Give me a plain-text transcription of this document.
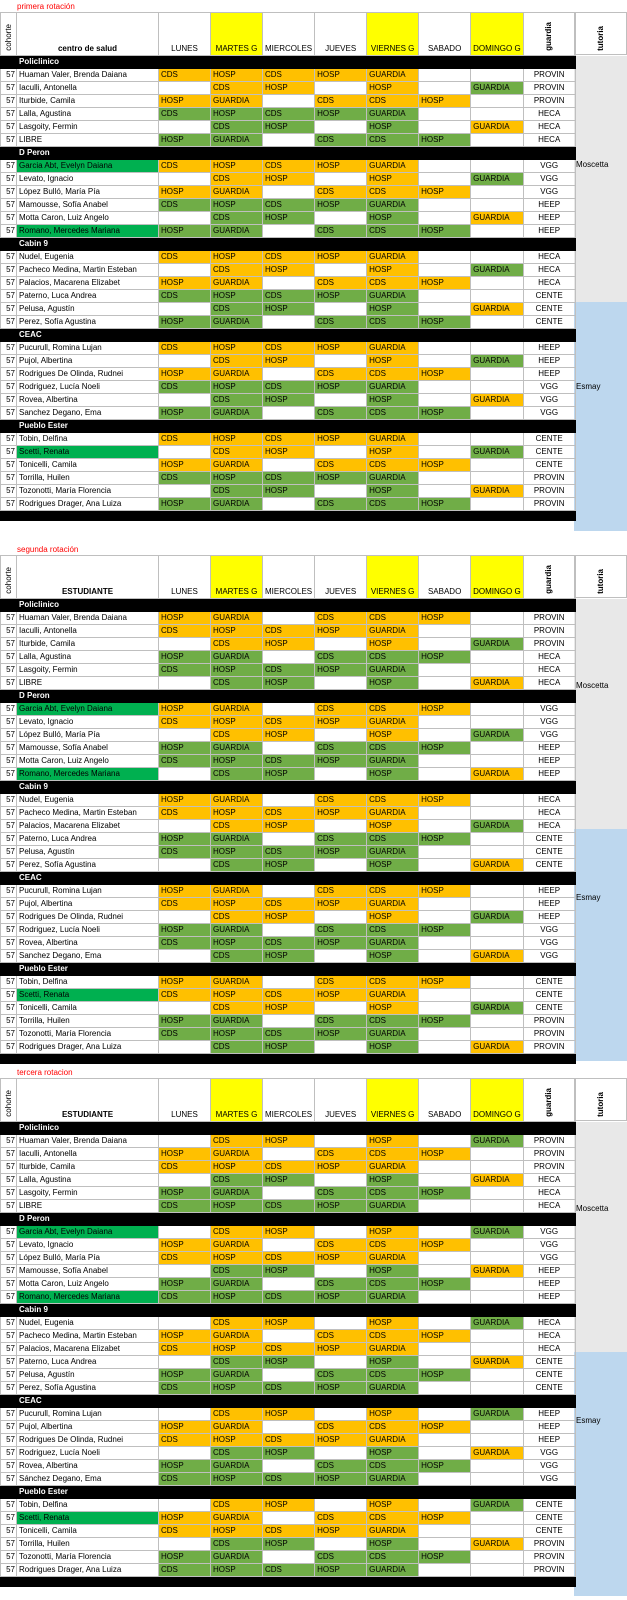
primera rotación
cohorte	centro de salud	LUNES	MARTES G	MIERCOLES	JUEVES	VIERNES G	SABADO	DOMINGO G	guardia
	Policlinico								
57	Huaman Valer, Brenda Daiana	CDS	HOSP	CDS	HOSP	GUARDIA			PROVIN
57	Iaculli, Antonella		CDS	HOSP		HOSP		GUARDIA	PROVIN
57	Iturbide, Camila	HOSP	GUARDIA		CDS	CDS	HOSP		PROVIN
57	Lalla, Agustina	CDS	HOSP	CDS	HOSP	GUARDIA			HECA
57	Lasgoity, Fermin		CDS	HOSP		HOSP		GUARDIA	HECA
57	LIBRE	HOSP	GUARDIA		CDS	CDS	HOSP		HECA
	D Peron								
57	Garcia Abt, Evelyn Daiana	CDS	HOSP	CDS	HOSP	GUARDIA			VGG
57	Levato, Ignacio		CDS	HOSP		HOSP		GUARDIA	VGG
57	López Bulló, María Pía	HOSP	GUARDIA		CDS	CDS	HOSP		VGG
57	Mamousse, Sofía Anabel	CDS	HOSP	CDS	HOSP	GUARDIA			HEEP
57	Motta Caron, Luiz Angelo		CDS	HOSP		HOSP		GUARDIA	HEEP
57	Romano, Mercedes Mariana	HOSP	GUARDIA		CDS	CDS	HOSP		HEEP
	Cabin 9								
57	Nudel, Eugenia	CDS	HOSP	CDS	HOSP	GUARDIA			HECA
57	Pacheco Medina, Martin Esteban		CDS	HOSP		HOSP		GUARDIA	HECA
57	Palacios, Macarena Elizabet	HOSP	GUARDIA		CDS	CDS	HOSP		HECA
57	Paterno, Luca Andrea	CDS	HOSP	CDS	HOSP	GUARDIA			CENTE
57	Pelusa, Agustín		CDS	HOSP		HOSP		GUARDIA	CENTE
57	Perez, Sofía Agustina	HOSP	GUARDIA		CDS	CDS	HOSP		CENTE
	CEAC								
57	Pucurull, Romina Lujan	CDS	HOSP	CDS	HOSP	GUARDIA			HEEP
57	Pujol, Albertina		CDS	HOSP		HOSP		GUARDIA	HEEP
57	Rodrigues De Olinda, Rudnei	HOSP	GUARDIA		CDS	CDS	HOSP		HEEP
57	Rodriguez, Lucía Noeli	CDS	HOSP	CDS	HOSP	GUARDIA			VGG
57	Rovea, Albertina		CDS	HOSP		HOSP		GUARDIA	VGG
57	Sanchez Degano, Ema	HOSP	GUARDIA		CDS	CDS	HOSP		VGG
	Pueblo Ester								
57	Tobin, Delfina	CDS	HOSP	CDS	HOSP	GUARDIA			CENTE
57	Scetti, Renata		CDS	HOSP		HOSP		GUARDIA	CENTE
57	Tonicelli, Camila	HOSP	GUARDIA		CDS	CDS	HOSP		CENTE
57	Torrilla, Huilen	CDS	HOSP	CDS	HOSP	GUARDIA			PROVIN
57	Tozonotti, María Florencia		CDS	HOSP		HOSP		GUARDIA	PROVIN
57	Rodrigues Drager, Ana Luiza	HOSP	GUARDIA		CDS	CDS	HOSP		PROVIN

tutoria
Moscetta
Esmay
segunda rotación
cohorte	ESTUDIANTE	LUNES	MARTES G	MIERCOLES	JUEVES	VIERNES G	SABADO	DOMINGO G	guardia
	Policlinico								
57	Huaman Valer, Brenda Daiana	HOSP	GUARDIA		CDS	CDS	HOSP		PROVIN
57	Iaculli, Antonella	CDS	HOSP	CDS	HOSP	GUARDIA			PROVIN
57	Iturbide, Camila		CDS	HOSP		HOSP		GUARDIA	PROVIN
57	Lalla, Agustina	HOSP	GUARDIA		CDS	CDS	HOSP		HECA
57	Lasgoity, Fermin	CDS	HOSP	CDS	HOSP	GUARDIA			HECA
57	LIBRE		CDS	HOSP		HOSP		GUARDIA	HECA
	D Peron								
57	Garcia Abt, Evelyn Daiana	HOSP	GUARDIA		CDS	CDS	HOSP		VGG
57	Levato, Ignacio	CDS	HOSP	CDS	HOSP	GUARDIA			VGG
57	López Bulló, María Pía		CDS	HOSP		HOSP		GUARDIA	VGG
57	Mamousse, Sofía Anabel	HOSP	GUARDIA		CDS	CDS	HOSP		HEEP
57	Motta Caron, Luiz Angelo	CDS	HOSP	CDS	HOSP	GUARDIA			HEEP
57	Romano, Mercedes Mariana		CDS	HOSP		HOSP		GUARDIA	HEEP
	Cabin 9								
57	Nudel, Eugenia	HOSP	GUARDIA		CDS	CDS	HOSP		HECA
57	Pacheco Medina, Martin Esteban	CDS	HOSP	CDS	HOSP	GUARDIA			HECA
57	Palacios, Macarena Elizabet		CDS	HOSP		HOSP		GUARDIA	HECA
57	Paterno, Luca Andrea	HOSP	GUARDIA		CDS	CDS	HOSP		CENTE
57	Pelusa, Agustín	CDS	HOSP	CDS	HOSP	GUARDIA			CENTE
57	Perez, Sofía Agustina		CDS	HOSP		HOSP		GUARDIA	CENTE
	CEAC								
57	Pucurull, Romina Lujan	HOSP	GUARDIA		CDS	CDS	HOSP		HEEP
57	Pujol, Albertina	CDS	HOSP	CDS	HOSP	GUARDIA			HEEP
57	Rodrigues De Olinda, Rudnei		CDS	HOSP		HOSP		GUARDIA	HEEP
57	Rodriguez, Lucía Noeli	HOSP	GUARDIA		CDS	CDS	HOSP		VGG
57	Rovea, Albertina	CDS	HOSP	CDS	HOSP	GUARDIA			VGG
57	Sanchez Degano, Ema		CDS	HOSP		HOSP		GUARDIA	VGG
	Pueblo Ester								
57	Tobin, Delfina	HOSP	GUARDIA		CDS	CDS	HOSP		CENTE
57	Scetti, Renata	CDS	HOSP	CDS	HOSP	GUARDIA			CENTE
57	Tonicelli, Camila		CDS	HOSP		HOSP		GUARDIA	CENTE
57	Torrilla, Huilen	HOSP	GUARDIA		CDS	CDS	HOSP		PROVIN
57	Tozonotti, María Florencia	CDS	HOSP	CDS	HOSP	GUARDIA			PROVIN
57	Rodrigues Drager, Ana Luiza		CDS	HOSP		HOSP		GUARDIA	PROVIN

tutoria
Moscetta
Esmay
tercera rotacion
cohorte	ESTUDIANTE	LUNES	MARTES G	MIERCOLES	JUEVES	VIERNES G	SABADO	DOMINGO G	guardia
	Policlinico								
57	Huaman Valer, Brenda Daiana		CDS	HOSP		HOSP		GUARDIA	PROVIN
57	Iaculli, Antonella	HOSP	GUARDIA		CDS	CDS	HOSP		PROVIN
57	Iturbide, Camila	CDS	HOSP	CDS	HOSP	GUARDIA			PROVIN
57	Lalla, Agustina		CDS	HOSP		HOSP		GUARDIA	HECA
57	Lasgoity, Fermin	HOSP	GUARDIA		CDS	CDS	HOSP		HECA
57	LIBRE	CDS	HOSP	CDS	HOSP	GUARDIA			HECA
	D Peron								
57	Garcia Abt, Evelyn Daiana		CDS	HOSP		HOSP		GUARDIA	VGG
57	Levato, Ignacio	HOSP	GUARDIA		CDS	CDS	HOSP		VGG
57	López Bulló, María Pía	CDS	HOSP	CDS	HOSP	GUARDIA			VGG
57	Mamousse, Sofía Anabel		CDS	HOSP		HOSP		GUARDIA	HEEP
57	Motta Caron, Luiz Angelo	HOSP	GUARDIA		CDS	CDS	HOSP		HEEP
57	Romano, Mercedes Mariana	CDS	HOSP	CDS	HOSP	GUARDIA			HEEP
	Cabin 9								
57	Nudel, Eugenia		CDS	HOSP		HOSP		GUARDIA	HECA
57	Pacheco Medina, Martin Esteban	HOSP	GUARDIA		CDS	CDS	HOSP		HECA
57	Palacios, Macarena Elizabet	CDS	HOSP	CDS	HOSP	GUARDIA			HECA
57	Paterno, Luca Andrea		CDS	HOSP		HOSP		GUARDIA	CENTE
57	Pelusa, Agustín	HOSP	GUARDIA		CDS	CDS	HOSP		CENTE
57	Perez, Sofía Agustina	CDS	HOSP	CDS	HOSP	GUARDIA			CENTE
	CEAC								
57	Pucurull, Romina Lujan		CDS	HOSP		HOSP		GUARDIA	HEEP
57	Pujol, Albertina	HOSP	GUARDIA		CDS	CDS	HOSP		HEEP
57	Rodrigues De Olinda, Rudnei	CDS	HOSP	CDS	HOSP	GUARDIA			HEEP
57	Rodriguez, Lucía Noeli		CDS	HOSP		HOSP		GUARDIA	VGG
57	Rovea, Albertina	HOSP	GUARDIA		CDS	CDS	HOSP		VGG
57	Sánchez Degano, Ema	CDS	HOSP	CDS	HOSP	GUARDIA			VGG
	Pueblo Ester								
57	Tobin, Delfina		CDS	HOSP		HOSP		GUARDIA	CENTE
57	Scetti, Renata	HOSP	GUARDIA		CDS	CDS	HOSP		CENTE
57	Tonicelli, Camila	CDS	HOSP	CDS	HOSP	GUARDIA			CENTE
57	Torrilla, Huilen		CDS	HOSP		HOSP		GUARDIA	PROVIN
57	Tozonotti, María Florencia	HOSP	GUARDIA		CDS	CDS	HOSP		PROVIN
57	Rodrigues Drager, Ana Luiza	CDS	HOSP	CDS	HOSP	GUARDIA			PROVIN

tutoria
Moscetta
Esmay
